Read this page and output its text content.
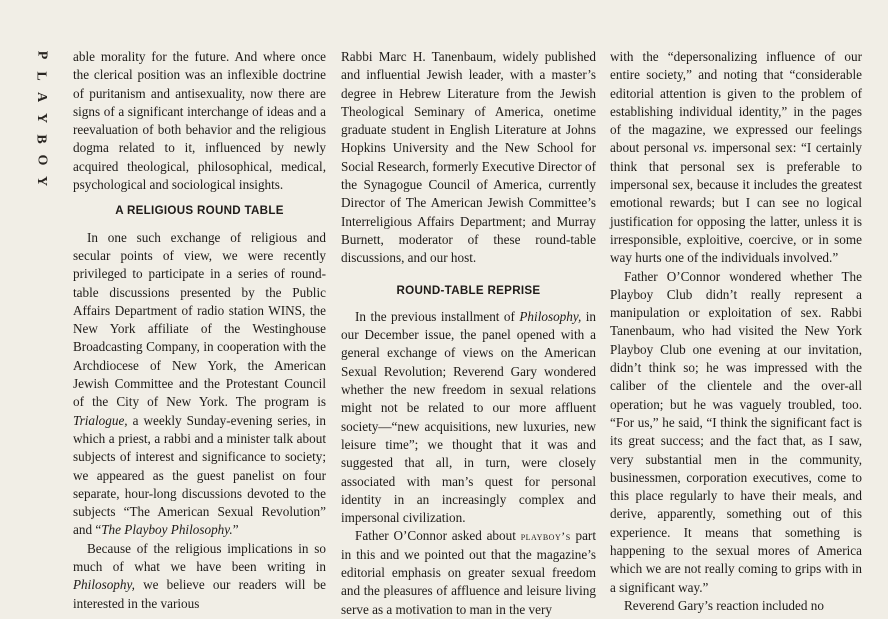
P
L
A
Y
B
O
Y

able morality for the future. And where once the clerical position was an inflexible doctrine of puritanism and antisexuality, now there are signs of a significant interchange of ideas and a reevaluation of both behavior and the religious dogma related to it, influenced by newly acquired theological, philosophical, medical, psychological and sociological insights.

A RELIGIOUS ROUND TABLE

In one such exchange of religious and secular points of view, we were recently privileged to participate in a series of round-table discussions presented by the Public Affairs Department of radio station WINS, the New York affiliate of the Westinghouse Broadcasting Company, in cooperation with the Archdiocese of New York, the American Jewish Committee and the Protestant Council of the City of New York. The program is Trialogue, a weekly Sunday-evening series, in which a priest, a rabbi and a minister talk about subjects of interest and significance to society; we appeared as the guest panelist on four separate, hour-long discussions devoted to the subjects “The American Sexual Revolution” and “The Playboy Philosophy.”

Because of the religious implications in so much of what we have been writing in Philosophy, we believe our readers will be interested in the various

Rabbi Marc H. Tanenbaum, widely published and influential Jewish leader, with a master’s degree in Hebrew Literature from the Jewish Theological Seminary of America, onetime graduate student in English Literature at Johns Hopkins University and the New School for Social Research, formerly Executive Director of the Synagogue Council of America, currently Director of The American Jewish Committee’s Interreligious Affairs Department; and Murray Burnett, moderator of these round-table discussions, and our host.

ROUND-TABLE REPRISE

In the previous installment of Philosophy, in our December issue, the panel opened with a general exchange of views on the American Sexual Revolution; Reverend Gary wondered whether the new freedom in sexual relations might not be related to our more affluent society—“new acquisitions, new luxuries, new leisure time”; we thought that it was and suggested that all, in turn, were closely associated with man’s quest for personal identity in an increasingly complex and impersonal civilization.

Father O’Connor asked about playboy’s part in this and we pointed out that the magazine’s editorial emphasis on greater sexual freedom and the pleasures of affluence and leisure living serve as a motivation to man in the very

with the “depersonalizing influence of our entire society,” and noting that “considerable editorial attention is given to the problem of establishing individual identity,” in the pages of the magazine, we expressed our feelings about personal vs. impersonal sex: “I certainly think that personal sex is preferable to impersonal sex, because it includes the greatest emotional rewards; but I can see no logical justification for opposing the latter, unless it is irresponsible, exploitive, coercive, or in some way hurts one of the individuals involved.”

Father O’Connor wondered whether The Playboy Club didn’t really represent a manipulation or exploitation of sex. Rabbi Tanenbaum, who had visited the New York Playboy Club one evening at our invitation, didn’t think so; he was impressed with the caliber of the clientele and the over-all operation; but he was vaguely troubled, too. “For us,” he said, “I think the significant fact is its great success; and the fact that, as I saw, very substantial men in the community, businessmen, corporation executives, come to this place regularly to have their meals, and derive, apparently, something out of this experience. It means that something is happening to the sexual mores of America which we are not really coming to grips with in a significant way.”

Reverend Gary’s reaction included no
